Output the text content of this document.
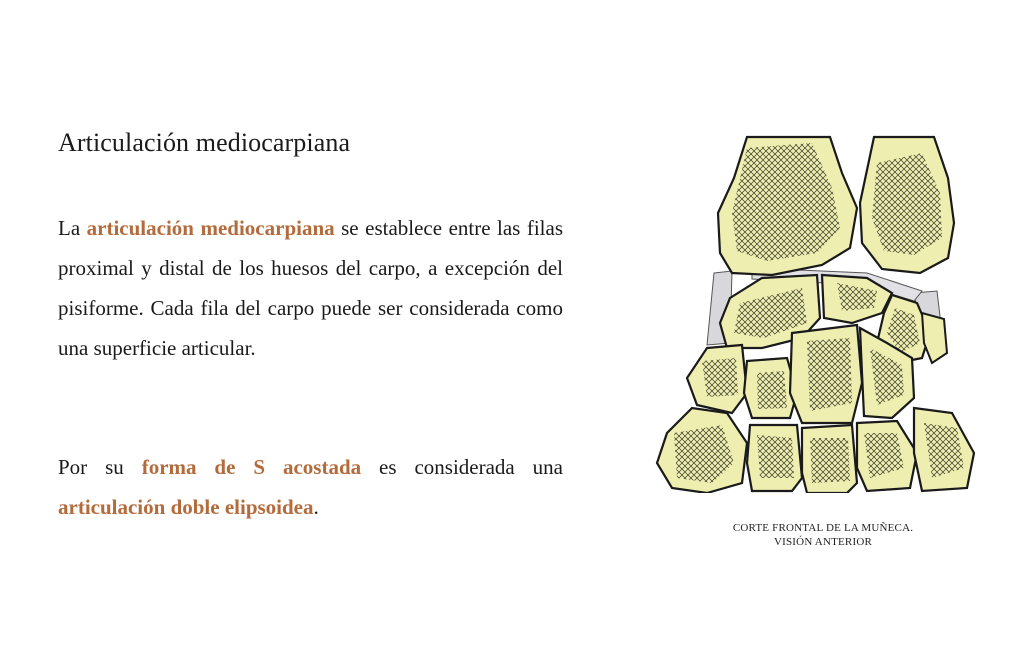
Articulación mediocarpiana

La articulación mediocarpiana se establece entre las filas proximal y distal de los huesos del carpo, a excepción del pisiforme. Cada fila del carpo puede ser considerada como una superficie articular.

Por su forma de S acostada es considerada una articulación doble elipsoidea.

CORTE FRONTAL DE LA MUÑECA.
VISIÓN ANTERIOR
